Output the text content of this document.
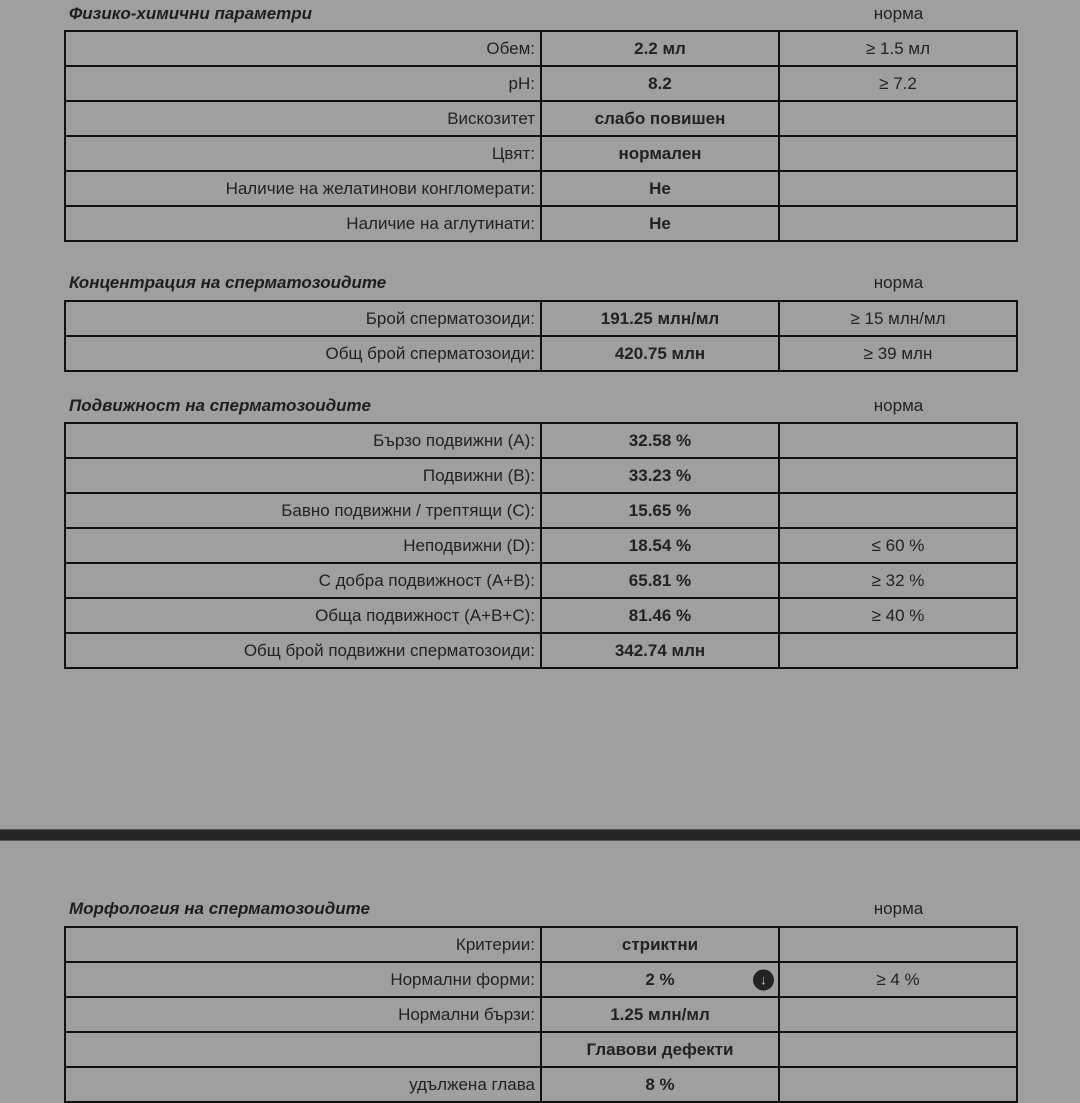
Физико-химични параметри	норма
Обем:	2.2 мл	≥ 1.5 мл
pH:	8.2	≥ 7.2
Вискозитет	слабо повишен	
Цвят:	нормален	
Наличие на желатинови конгломерати:	Не	
Наличие на аглутинати:	Не	
Концентрация на сперматозоидите	норма
Брой сперматозоиди:	191.25 млн/мл	≥ 15 млн/мл
Общ брой сперматозоиди:	420.75 млн	≥ 39 млн
Подвижност на сперматозоидите	норма
Бързо подвижни (A):	32.58 %	
Подвижни (B):	33.23 %	
Бавно подвижни / трептящи (C):	15.65 %	
Неподвижни (D):	18.54 %	≤ 60 %
С добра подвижност (A+B):	65.81 %	≥ 32 %
Обща подвижност (A+B+C):	81.46 %	≥ 40 %
Общ брой подвижни сперматозоиди:	342.74 млн	
Морфология на сперматозоидите	норма
Критерии:	стриктни	
Нормални форми:	2 % ↓	≥ 4 %
Нормални бързи:	1.25 млн/мл	
	Главови дефекти	
удължена глава	8 %	
